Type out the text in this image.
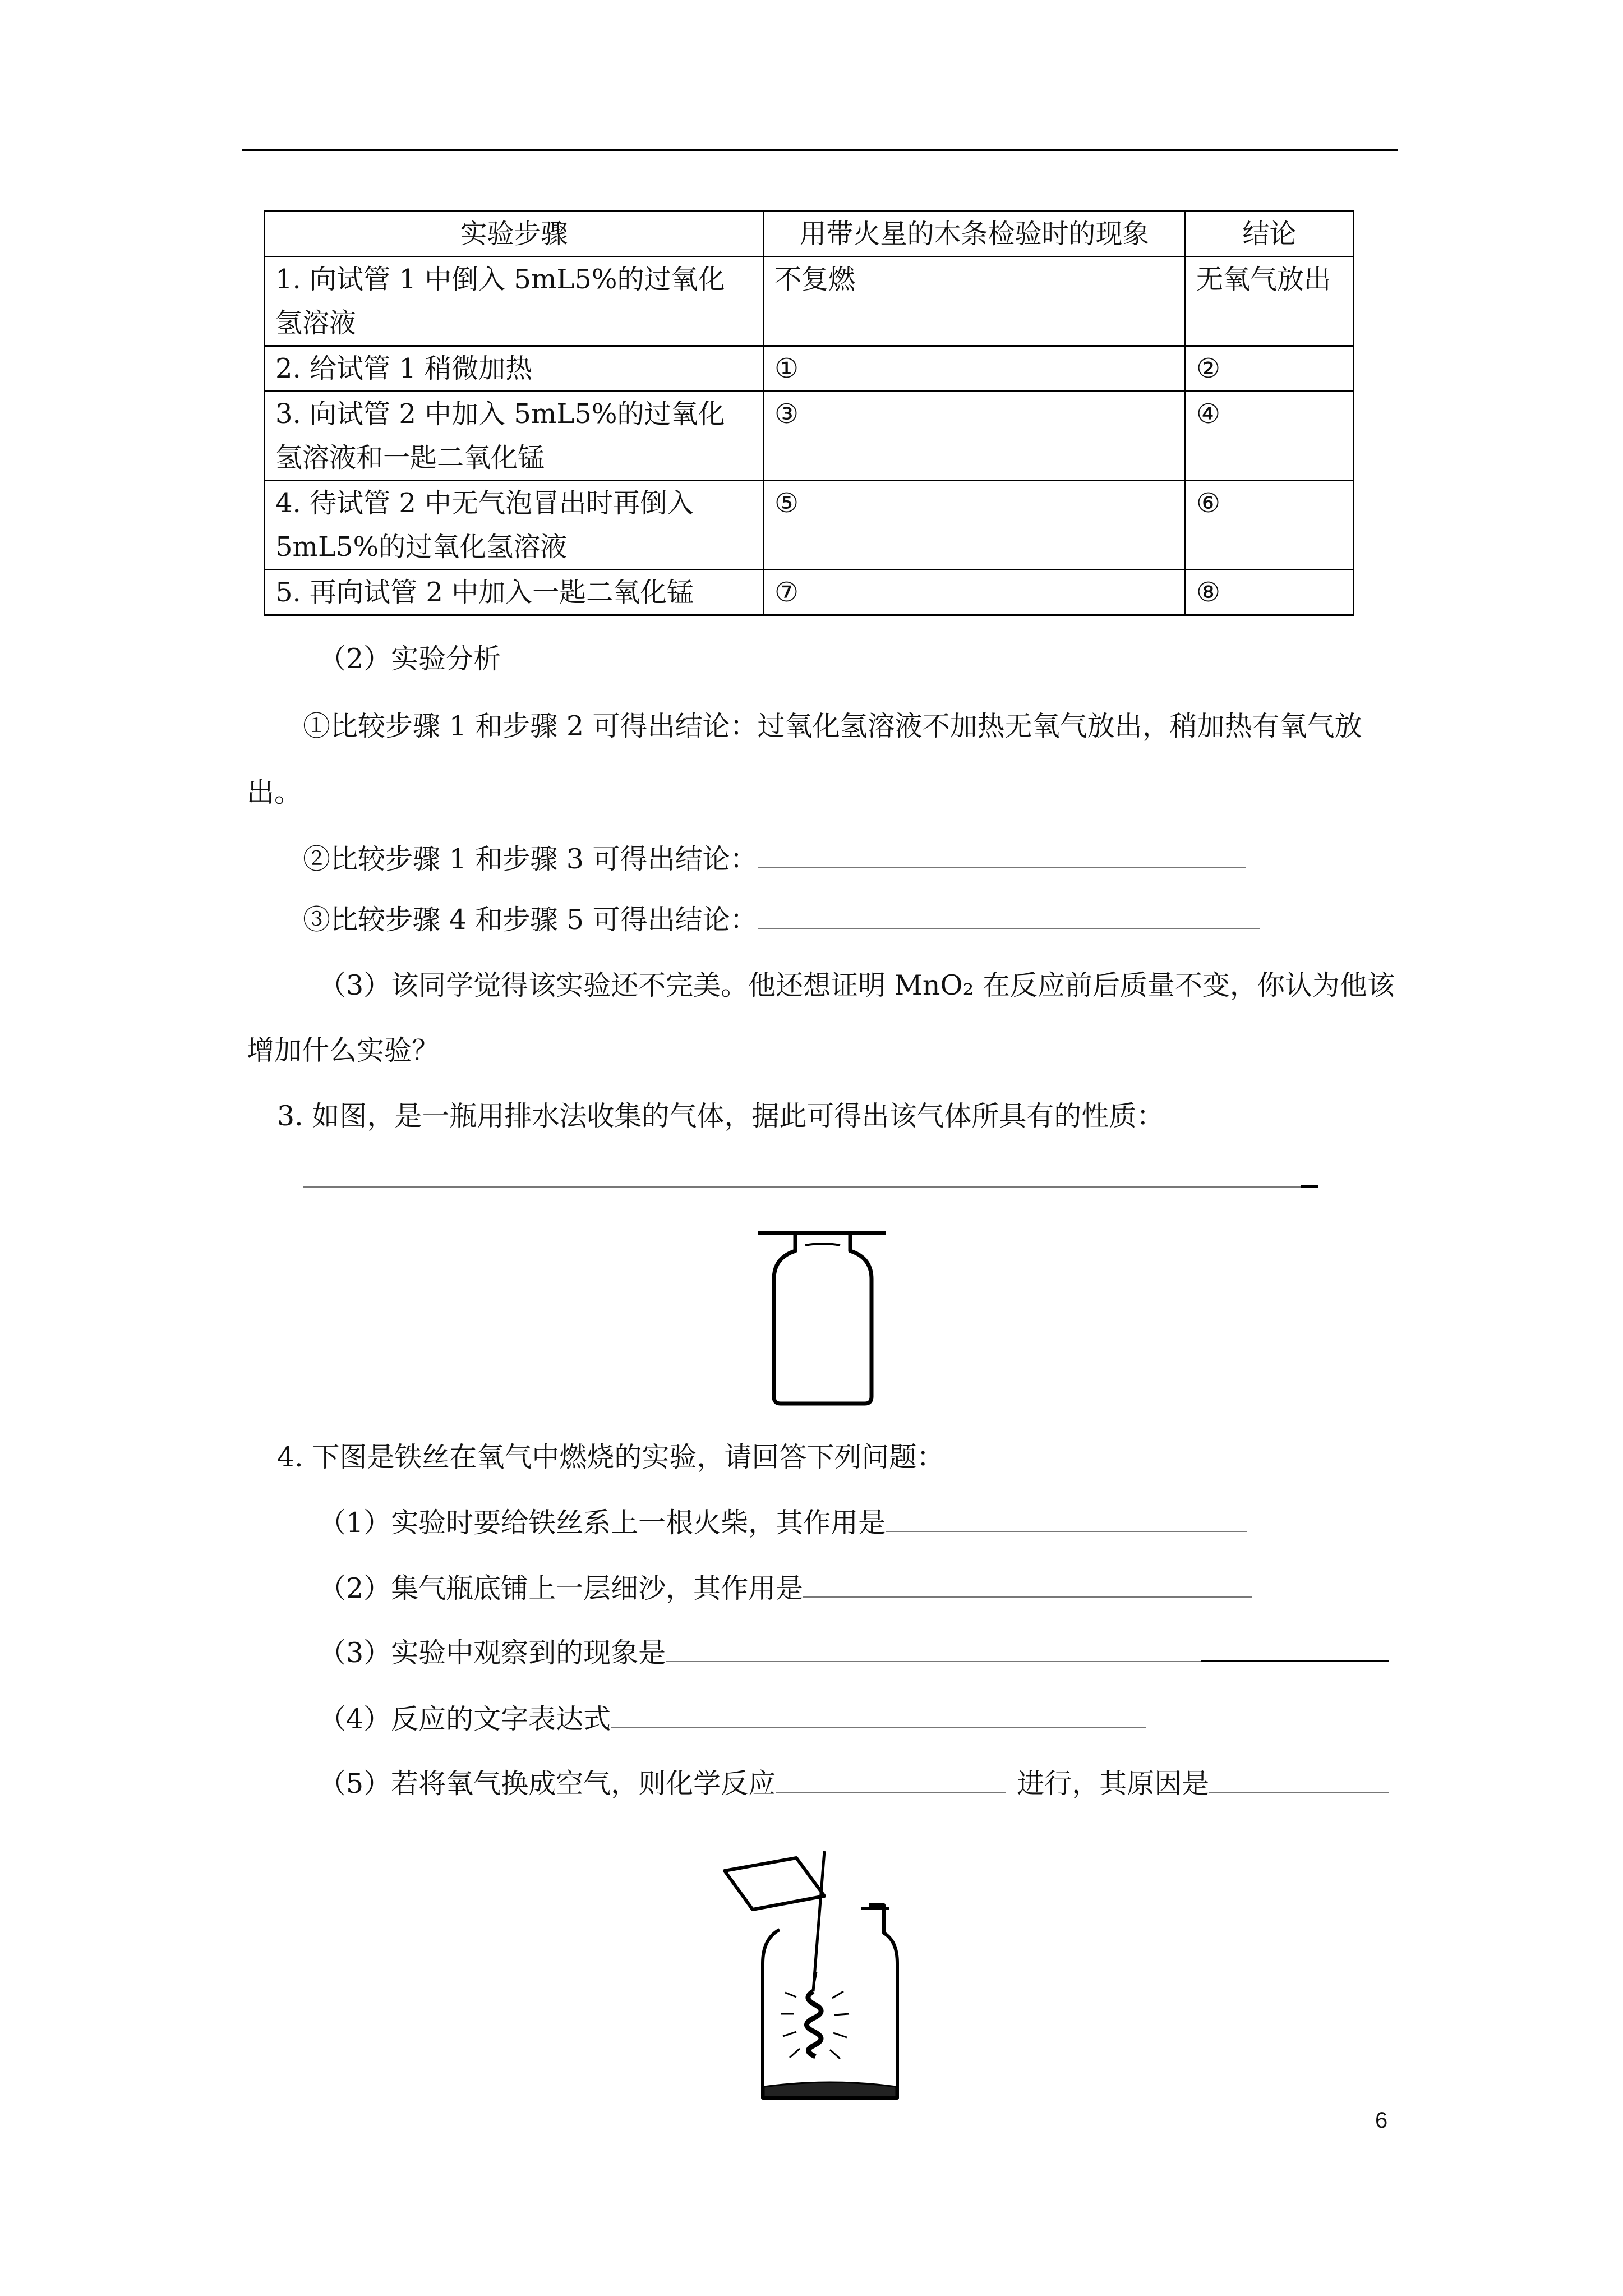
实验步骤	用带火星的木条检验时的现象	结论

1. 向试管 1 中倒入 5mL5%的过氧化
氢溶液	不复燃	无氧气放出

2. 给试管 1 稍微加热	①	②

3. 向试管 2 中加入 5mL5%的过氧化
氢溶液和一匙二氧化锰	③	④

4. 待试管 2 中无气泡冒出时再倒入
5mL5%的过氧化氢溶液	⑤	⑥

5. 再向试管 2 中加入一匙二氧化锰	⑦	⑧
（2）实验分析
①比较步骤 1 和步骤 2 可得出结论：过氧化氢溶液不加热无氧气放出，稍加热有氧气放
出。
②比较步骤 1 和步骤 3 可得出结论：
③比较步骤 4 和步骤 5 可得出结论：
（3）该同学觉得该实验还不完美。他还想证明 MnO₂ 在反应前后质量不变，你认为他该
增加什么实验？
3. 如图，是一瓶用排水法收集的气体，据此可得出该气体所具有的性质：
4. 下图是铁丝在氧气中燃烧的实验，请回答下列问题：
（1）实验时要给铁丝系上一根火柴，其作用是
（2）集气瓶底铺上一层细沙，其作用是
（3）实验中观察到的现象是
（4）反应的文字表达式
（5）若将氧气换成空气，则化学反应	进行，其原因是
6
